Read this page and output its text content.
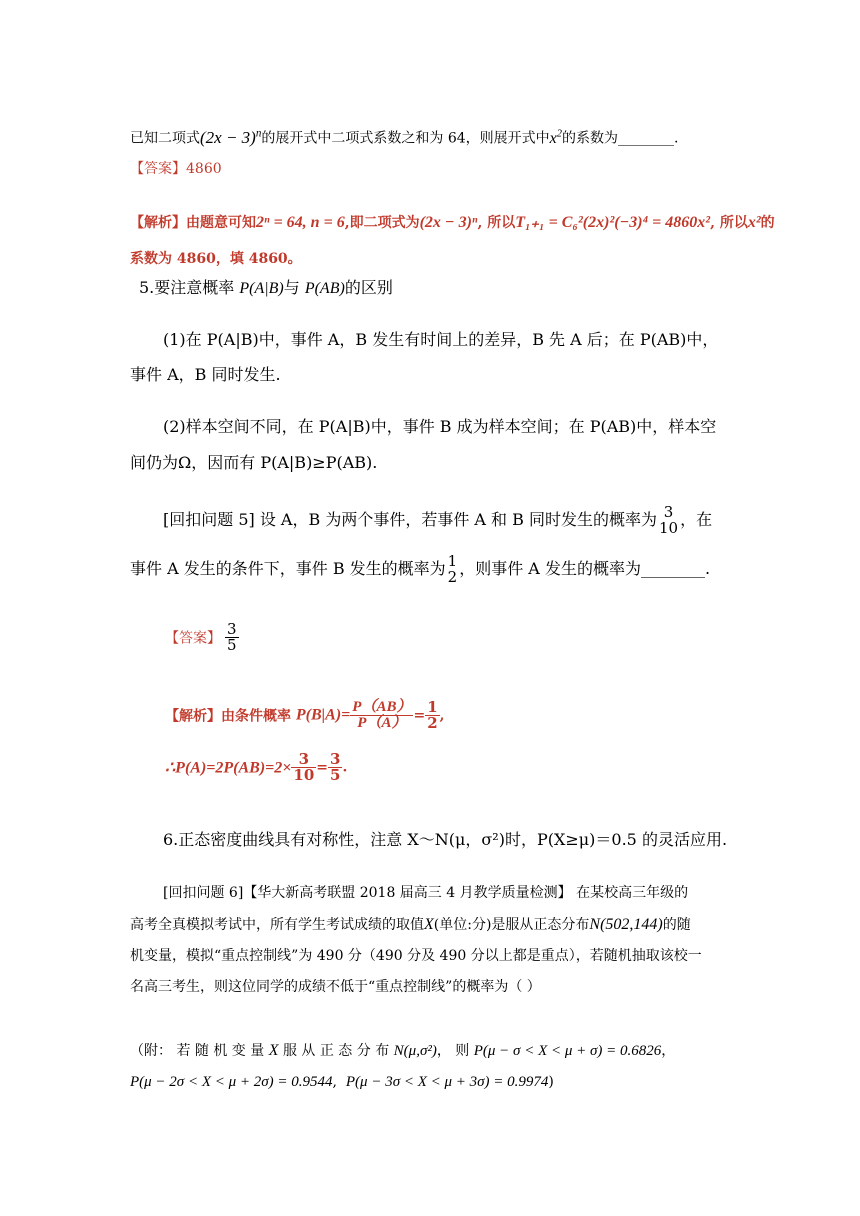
已知二项式$(2x - 3)^n$的展开式中二项式系数之和为 64，则展开式中$x^2$的系数为________.
【答案】4860
【解析】由题意可知2ⁿ = 64, n = 6,即二项式为(2x − 3)ⁿ, 所以T₁₊₁ = C₆²(2x)²(−3)⁴ = 4860x², 所以x²的
系数为 4860，填 4860。
5.要注意概率 P(A|B)与 P(AB)的区别
(1)在 P(A|B)中，事件 A，B 发生有时间上的差异，B 先 A 后；在 P(AB)中，
事件 A，B 同时发生.
(2)样本空间不同，在 P(A|B)中，事件 B 成为样本空间；在 P(AB)中，样本空
间仍为Ω，因而有 P(A|B)≥P(AB).
[回扣问题 5] 设 A，B 为两个事件，若事件 A 和 B 同时发生的概率为 3
10 ，在
事件 A 发生的条件下，事件 B 发生的概率为 1
2 ，则事件 A 发生的概率为________.
【答案】 $\frac{3}{5}$
【解析】由条件概率 $P(B|A)= \frac{P(AB)}{P(A)} = \frac{1}{2}$ ,
∴P(A)=2P(AB)=2× $\frac{3}{10} = \frac{3}{5}$ .
6.正态密度曲线具有对称性，注意 X～N(μ，σ²)时，P(X≥μ)＝0.5 的灵活应用.
[回扣问题 6]【华大新高考联盟 2018 届高三 4 月教学质量检测】 在某校高三年级的
高考全真模拟考试中，所有学生考试成绩的取值X(单位:分)是服从正态分布N(502,144)的随
机变量，模拟“重点控制线”为 490 分（490 分及 490 分以上都是重点），若随机抽取该校一
名高三考生，则这位同学的成绩不低于“重点控制线”的概率为（ ）
（附： 若 随 机 变 量 X 服 从 正 态 分 布 N(μ,σ²)， 则 P(μ − σ < X < μ + σ) = 0.6826，
P(μ − 2σ < X < μ + 2σ) = 0.9544, P(μ − 3σ < X < μ + 3σ) = 0.9974)
